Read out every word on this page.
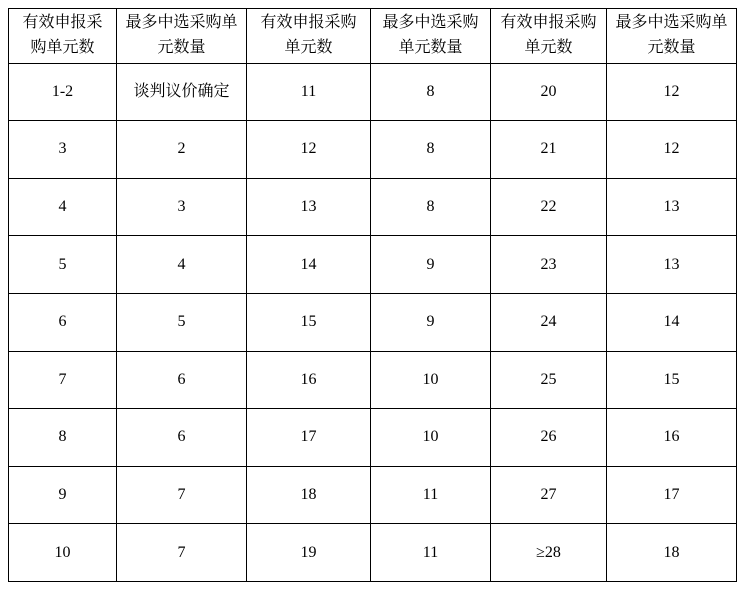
有效申报采购单元数	最多中选采购单元数量	有效申报采购单元数	最多中选采购单元数量	有效申报采购单元数	最多中选采购单元数量
1-2	谈判议价确定	11	8	20	12
3	2	12	8	21	12
4	3	13	8	22	13
5	4	14	9	23	13
6	5	15	9	24	14
7	6	16	10	25	15
8	6	17	10	26	16
9	7	18	11	27	17
10	7	19	11	≥28	18
